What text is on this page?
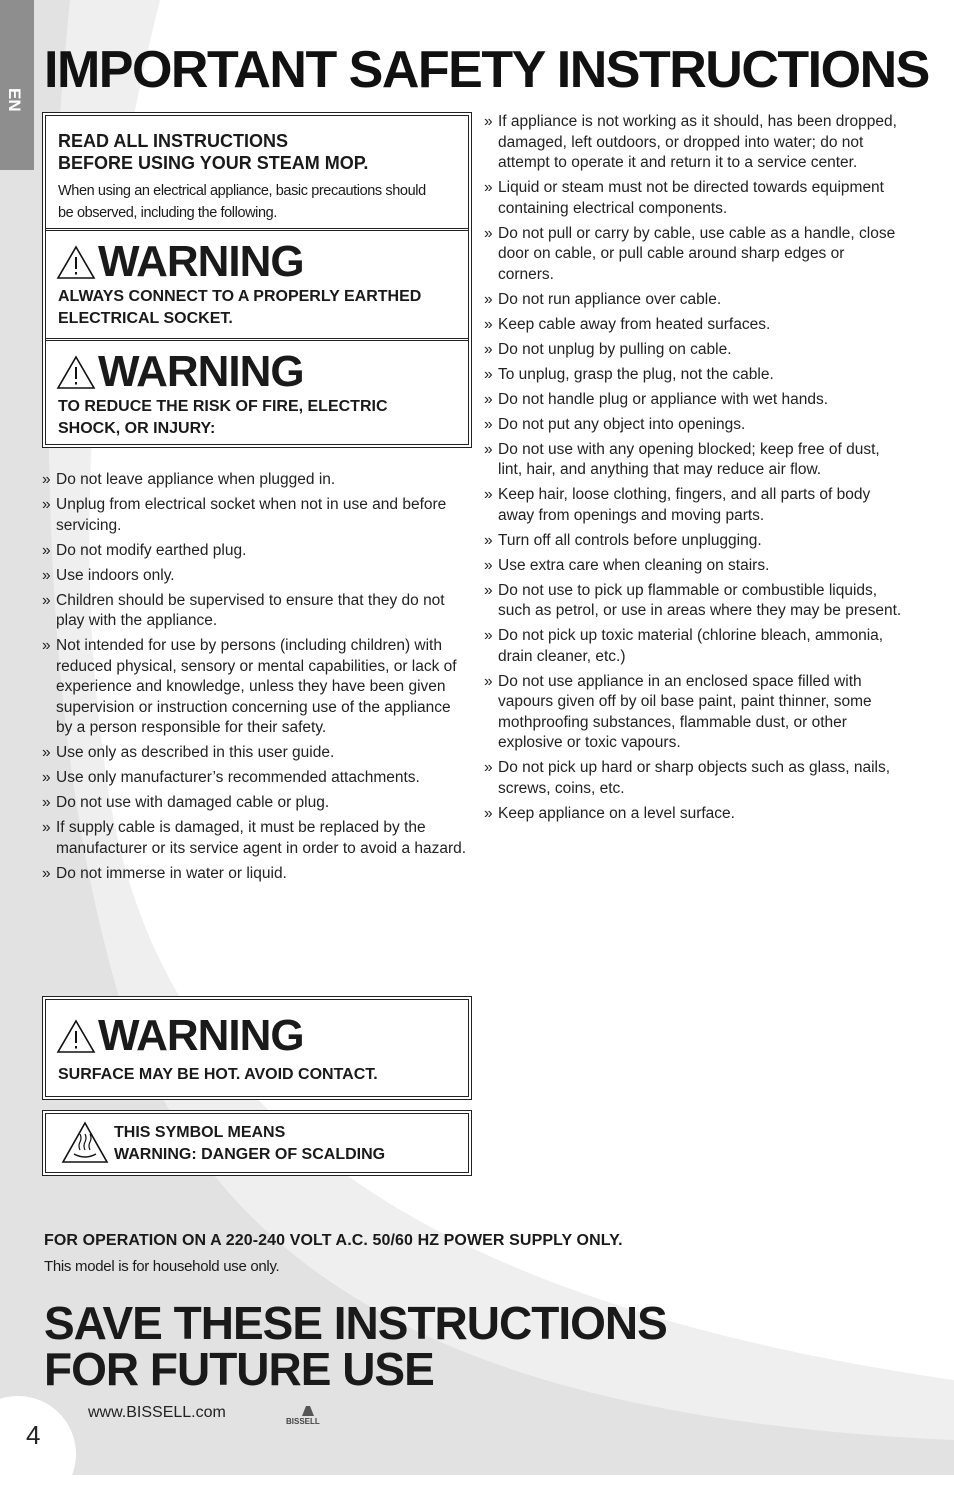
EN
IMPORTANT SAFETY INSTRUCTIONS
READ ALL INSTRUCTIONS
BEFORE USING YOUR STEAM MOP.
When using an electrical appliance, basic precautions should be observed, including the following.
WARNING
ALWAYS CONNECT TO A PROPERLY EARTHED
ELECTRICAL SOCKET.
WARNING
TO REDUCE THE RISK OF FIRE, ELECTRIC
SHOCK, OR INJURY:
» Do not leave appliance when plugged in.
» Unplug from electrical socket when not in use and before servicing.
» Do not modify earthed plug.
» Use indoors only.
» Children should be supervised to ensure that they do not play with the appliance.
» Not intended for use by persons (including children) with reduced physical, sensory or mental capabilities, or lack of experience and knowledge, unless they have been given supervision or instruction concerning use of the appliance by a person responsible for their safety.
» Use only as described in this user guide.
» Use only manufacturer’s recommended attachments.
» Do not use with damaged cable or plug.
» If supply cable is damaged, it must be replaced by the manufacturer or its service agent in order to avoid a hazard.
» Do not immerse in water or liquid.
» If appliance is not working as it should, has been dropped, damaged, left outdoors, or dropped into water; do not attempt to operate it and return it to a service center.
» Liquid or steam must not be directed towards equipment containing electrical components.
» Do not pull or carry by cable, use cable as a handle, close door on cable, or pull cable around sharp edges or corners.
» Do not run appliance over cable.
» Keep cable away from heated surfaces.
» Do not unplug by pulling on cable.
» To unplug, grasp the plug, not the cable.
» Do not handle plug or appliance with wet hands.
» Do not put any object into openings.
» Do not use with any opening blocked; keep free of dust, lint, hair, and anything that may reduce air flow.
» Keep hair, loose clothing, fingers, and all parts of body away from openings and moving parts.
» Turn off all controls before unplugging.
» Use extra care when cleaning on stairs.
» Do not use to pick up flammable or combustible liquids, such as petrol, or use in areas where they may be present.
» Do not pick up toxic material (chlorine bleach, ammonia, drain cleaner, etc.)
» Do not use appliance in an enclosed space filled with vapours given off by oil base paint, paint thinner, some mothproofing substances, flammable dust, or other explosive or toxic vapours.
» Do not pick up hard or sharp objects such as glass, nails, screws, coins, etc.
» Keep appliance on a level surface.
WARNING
SURFACE MAY BE HOT. AVOID CONTACT.
THIS SYMBOL MEANS
WARNING: DANGER OF SCALDING
FOR OPERATION ON A 220-240 VOLT A.C. 50/60 HZ POWER SUPPLY ONLY.
This model is for household use only.
SAVE THESE INSTRUCTIONS
FOR FUTURE USE
4
www.BISSELL.com
BISSELL
